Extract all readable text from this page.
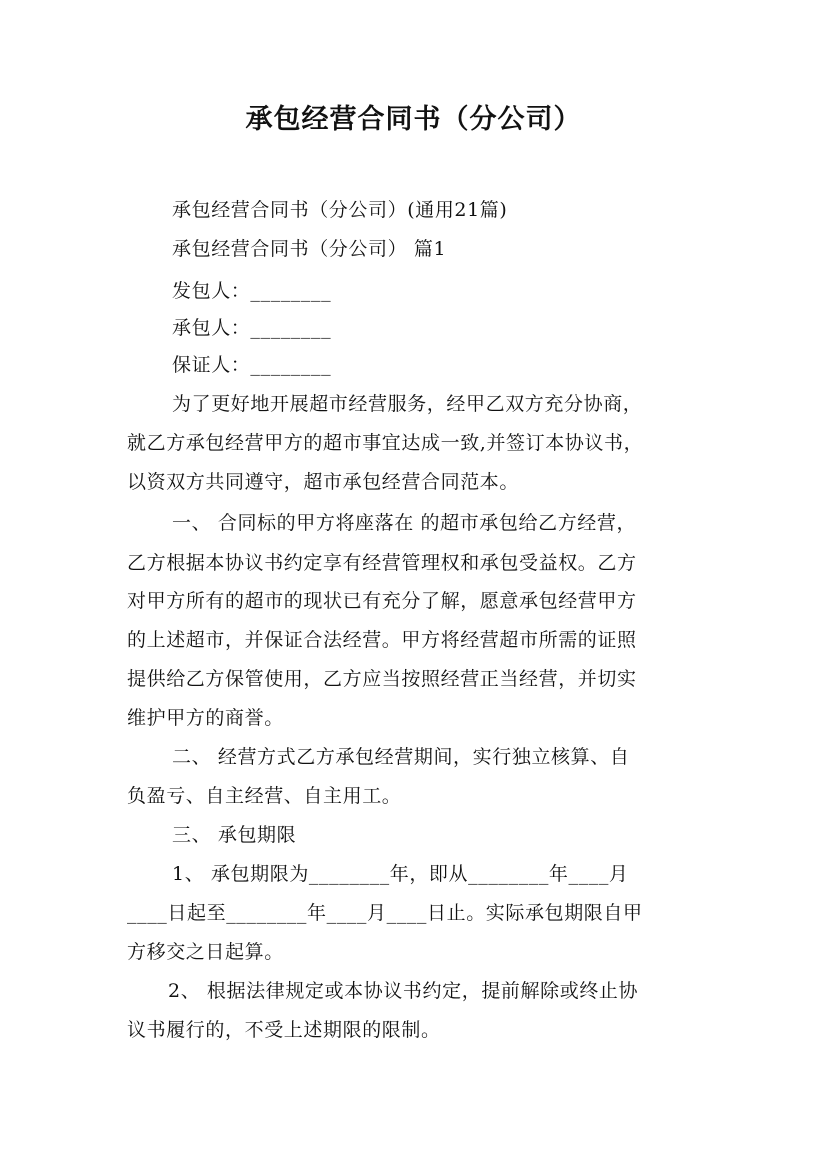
承包经营合同书（分公司）
承包经营合同书（分公司）(通用21篇)
承包经营合同书（分公司） 篇1
发包人：________
承包人：________
保证人：________
为了更好地开展超市经营服务，经甲乙双方充分协商，
就乙方承包经营甲方的超市事宜达成一致,并签订本协议书，
以资双方共同遵守，超市承包经营合同范本。
一、 合同标的甲方将座落在 的超市承包给乙方经营，
乙方根据本协议书约定享有经营管理权和承包受益权。乙方
对甲方所有的超市的现状已有充分了解，愿意承包经营甲方
的上述超市，并保证合法经营。甲方将经营超市所需的证照
提供给乙方保管使用，乙方应当按照经营正当经营，并切实
维护甲方的商誉。
二、 经营方式乙方承包经营期间，实行独立核算、自
负盈亏、自主经营、自主用工。
三、 承包期限
1、 承包期限为________年，即从________年____月
____日起至________年____月____日止。实际承包期限自甲
方移交之日起算。
2、 根据法律规定或本协议书约定，提前解除或终止协
议书履行的，不受上述期限的限制。
